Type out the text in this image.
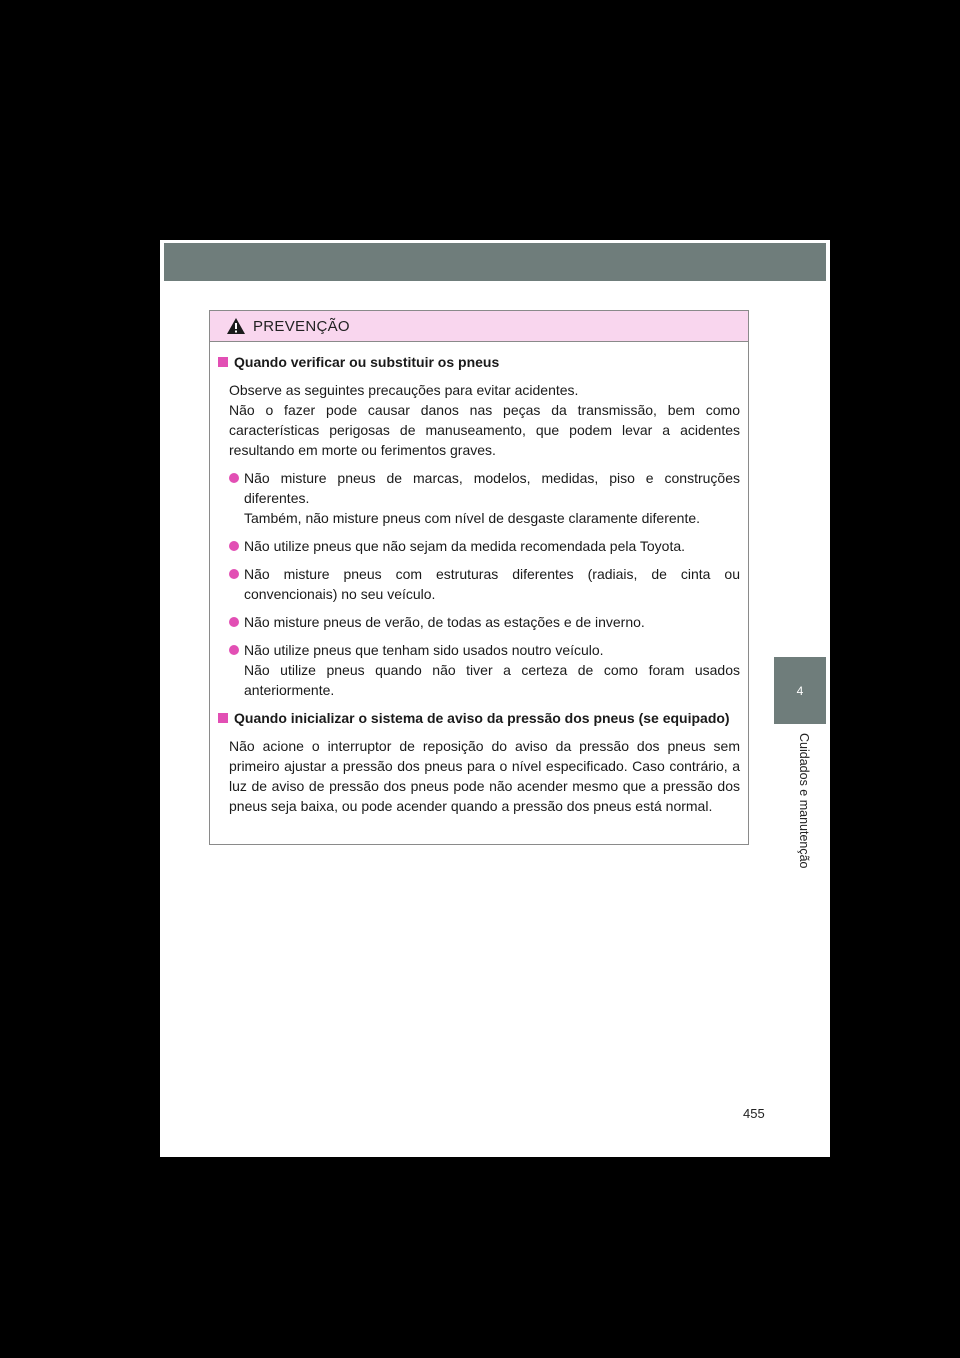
PREVENÇÃO
Quando verificar ou substituir os pneus
Observe as seguintes precauções para evitar acidentes.
Não o fazer pode causar danos nas peças da transmissão, bem como características perigosas de manuseamento, que podem levar a acidentes resultando em morte ou ferimentos graves.
Não misture pneus de marcas, modelos, medidas, piso e construções diferentes.
Também, não misture pneus com nível de desgaste claramente diferente.
Não utilize pneus que não sejam da medida recomendada pela Toyota.
Não misture pneus com estruturas diferentes (radiais, de cinta ou convencionais) no seu veículo.
Não misture pneus de verão, de todas as estações e de inverno.
Não utilize pneus que tenham sido usados noutro veículo.
Não utilize pneus quando não tiver a certeza de como foram usados anteriormente.
Quando inicializar o sistema de aviso da pressão dos pneus (se equipado)
Não acione o interruptor de reposição do aviso da pressão dos pneus sem primeiro ajustar a pressão dos pneus para o nível especificado. Caso contrário, a luz de aviso de pressão dos pneus pode não acender mesmo que a pressão dos pneus seja baixa, ou pode acender quando a pressão dos pneus está normal.
4
Cuidados e manutenção
455
